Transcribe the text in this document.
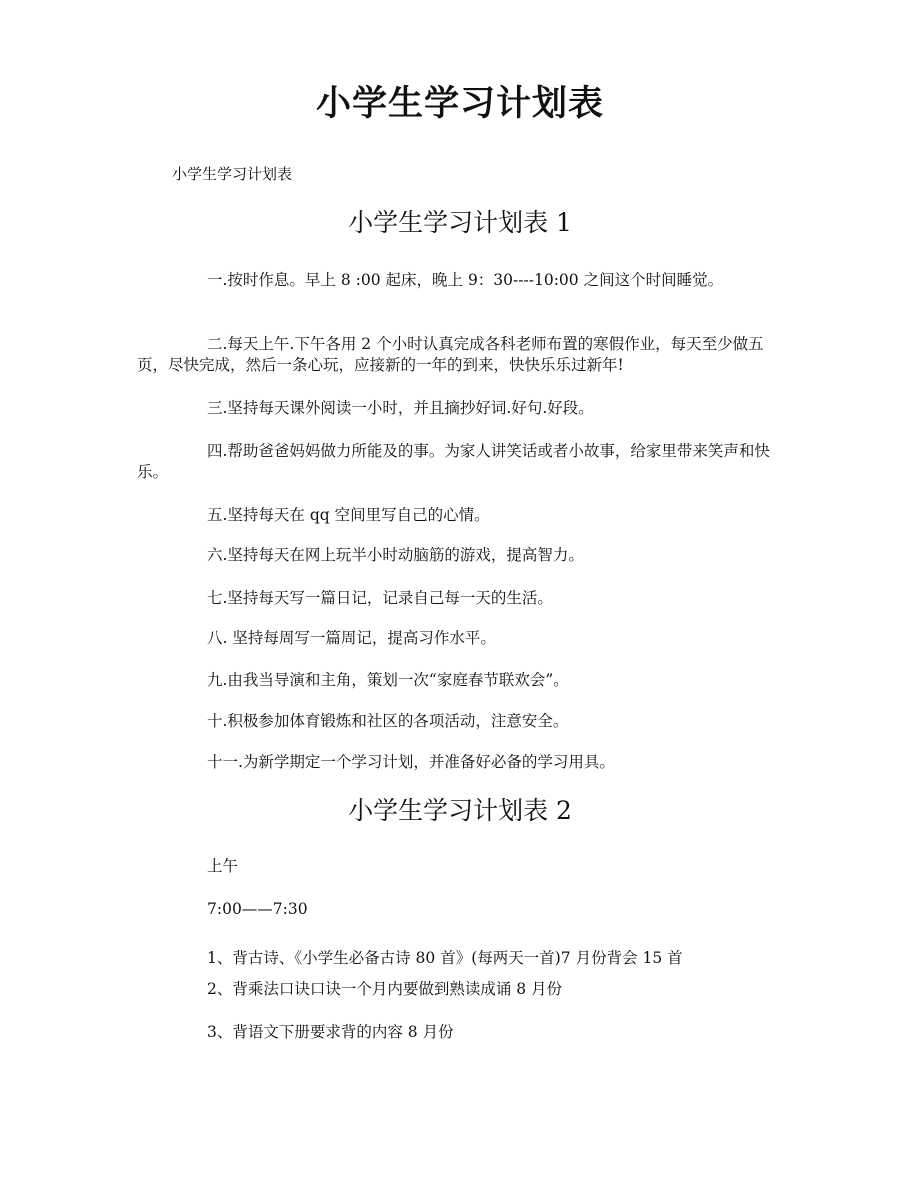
小学生学习计划表

小学生学习计划表

小学生学习计划表 1

一.按时作息。早上 8 :00 起床，晚上 9：30----10:00 之间这个时间睡觉。

二.每天上午.下午各用 2 个小时认真完成各科老师布置的寒假作业，每天至少做五页，尽快完成，然后一条心玩，应接新的一年的到来，快快乐乐过新年!

三.坚持每天课外阅读一小时，并且摘抄好词.好句.好段。

四.帮助爸爸妈妈做力所能及的事。为家人讲笑话或者小故事，给家里带来笑声和快乐。

五.坚持每天在 qq 空间里写自己的心情。

六.坚持每天在网上玩半小时动脑筋的游戏，提高智力。

七.坚持每天写一篇日记，记录自己每一天的生活。

八. 坚持每周写一篇周记，提高习作水平。

九.由我当导演和主角，策划一次“家庭春节联欢会”。

十.积极参加体育锻炼和社区的各项活动，注意安全。

十一.为新学期定一个学习计划，并准备好必备的学习用具。

小学生学习计划表 2

上午

7:00——7:30

1、背古诗、《小学生必备古诗 80 首》(每两天一首)7 月份背会 15 首

2、背乘法口诀口诀一个月内要做到熟读成诵 8 月份

3、背语文下册要求背的内容 8 月份
